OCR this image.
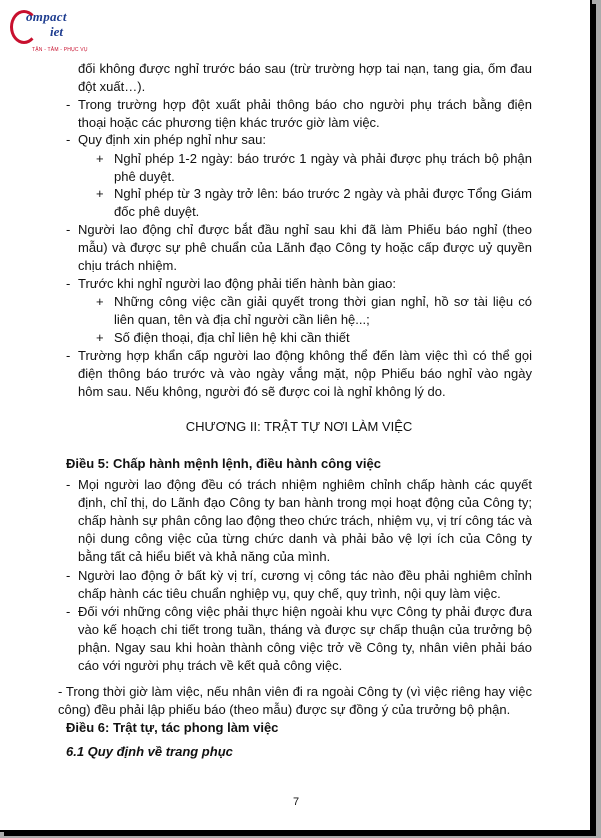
ompact
iet
TẬN - TÂM - PHỤC VỤ
đối không được nghỉ trước báo sau (trừ trường hợp tai nạn, tang gia, ốm đau đột xuất…).
- Trong trường hợp đột xuất phải thông báo cho người phụ trách bằng điện thoại hoặc các phương tiện khác trước giờ làm việc.
- Quy định xin phép nghỉ như sau:
+ Nghỉ phép 1-2 ngày: báo trước 1 ngày và phải được phụ trách bộ phận phê duyệt.
+ Nghỉ phép từ 3 ngày trở lên: báo trước 2 ngày và phải được Tổng Giám đốc phê duyệt.
- Người lao động chỉ được bắt đầu nghỉ sau khi đã làm Phiếu báo nghỉ (theo mẫu) và được sự phê chuẩn của Lãnh đạo Công ty hoặc cấp được uỷ quyền chịu trách nhiệm.
- Trước khi nghỉ người lao động phải tiến hành bàn giao:
+ Những công việc cần giải quyết trong thời gian nghỉ, hồ sơ tài liệu có liên quan, tên và địa chỉ người cần liên hệ...;
+ Số điện thoại, địa chỉ liên hệ khi cần thiết
- Trường hợp khẩn cấp người lao động không thể đến làm việc thì có thể gọi điện thông báo trước và vào ngày vắng mặt, nộp Phiếu báo nghỉ vào ngày hôm sau. Nếu không, người đó sẽ được coi là nghỉ không lý do.
CHƯƠNG II: TRẬT TỰ NƠI LÀM VIỆC
Điều 5: Chấp hành mệnh lệnh, điều hành công việc
- Mọi người lao động đều có trách nhiệm nghiêm chỉnh chấp hành các quyết định, chỉ thị, do Lãnh đạo Công ty ban hành trong mọi hoạt động của Công ty; chấp hành sự phân công lao động theo chức trách, nhiệm vụ, vị trí công tác và nội dung công việc của từng chức danh và phải bảo vệ lợi ích của Công ty bằng tất cả hiểu biết và khả năng của mình.
- Người lao động ở bất kỳ vị trí, cương vị công tác nào đều phải nghiêm chỉnh chấp hành các tiêu chuẩn nghiệp vụ, quy chế, quy trình, nội quy làm việc.
- Đối với những công việc phải thực hiện ngoài khu vực Công ty phải được đưa vào kế hoạch chi tiết trong tuần, tháng và được sự chấp thuận của trưởng bộ phận. Ngay sau khi hoàn thành công việc trở về Công ty, nhân viên phải báo cáo với người phụ trách về kết quả công việc.
- Trong thời giờ làm việc, nếu nhân viên đi ra ngoài Công ty (vì việc riêng hay việc công) đều phải lập phiếu báo (theo mẫu) được sự đồng ý của trưởng bộ phận.
Điều 6: Trật tự, tác phong làm việc
6.1 Quy định về trang phục
7
